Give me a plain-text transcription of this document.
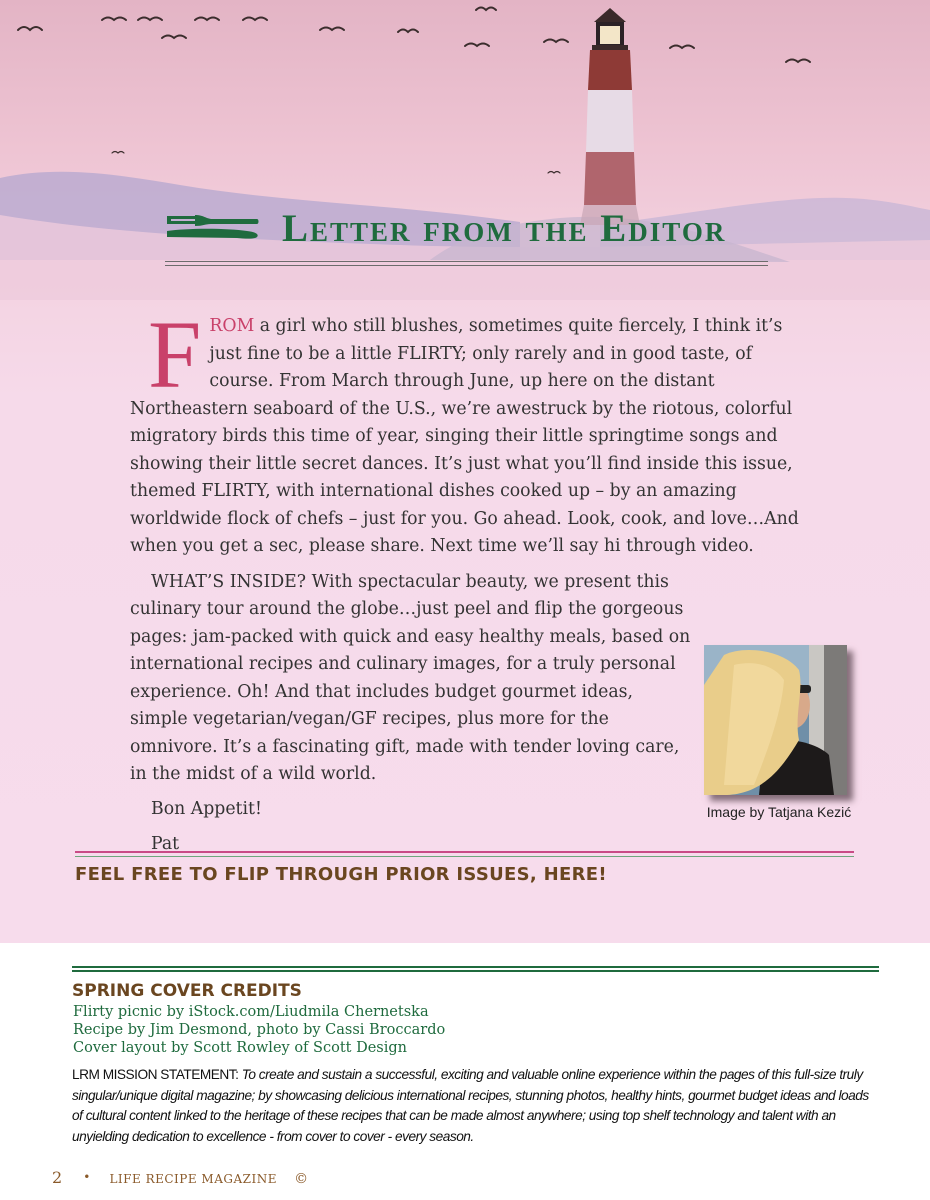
Letter from the Editor

FROM a girl who still blushes, sometimes quite fiercely, I think it’s just fine to be a little FLIRTY; only rarely and in good taste, of course. From March through June, up here on the distant Northeastern seaboard of the U.S., we’re awestruck by the riotous, colorful migratory birds this time of year, singing their little springtime songs and showing their little secret dances. It’s just what you’ll find inside this issue, themed FLIRTY, with international dishes cooked up – by an amazing worldwide flock of chefs – just for you. Go ahead. Look, cook, and love…And when you get a sec, please share. Next time we’ll say hi through video.

WHAT’S INSIDE? With spectacular beauty, we present this culinary tour around the globe…just peel and flip the gorgeous pages: jam-packed with quick and easy healthy meals, based on international recipes and culinary images, for a truly personal experience. Oh! And that includes budget gourmet ideas, simple vegetarian/vegan/GF recipes, plus more for the omnivore. It’s a fascinating gift, made with tender loving care, in the midst of a wild world.

Bon Appetit!

Pat

Image by Tatjana Kezić
FEEL FREE TO FLIP THROUGH PRIOR ISSUES, HERE!
SPRING COVER CREDITS
Flirty picnic by iStock.com/Liudmila Chernetska
Recipe by Jim Desmond, photo by Cassi Broccardo
Cover layout by Scott Rowley of Scott Design
LRM MISSION STATEMENT: To create and sustain a successful, exciting and valuable online experience within the pages of this full-size truly singular/unique digital magazine; by showcasing delicious international recipes, stunning photos, healthy hints, gourmet budget ideas and loads of cultural content linked to the heritage of these recipes that can be made almost anywhere; using top shelf technology and talent with an unyielding dedication to excellence - from cover to cover - every season.
2 • LIFE RECIPE MAGAZINE ©
